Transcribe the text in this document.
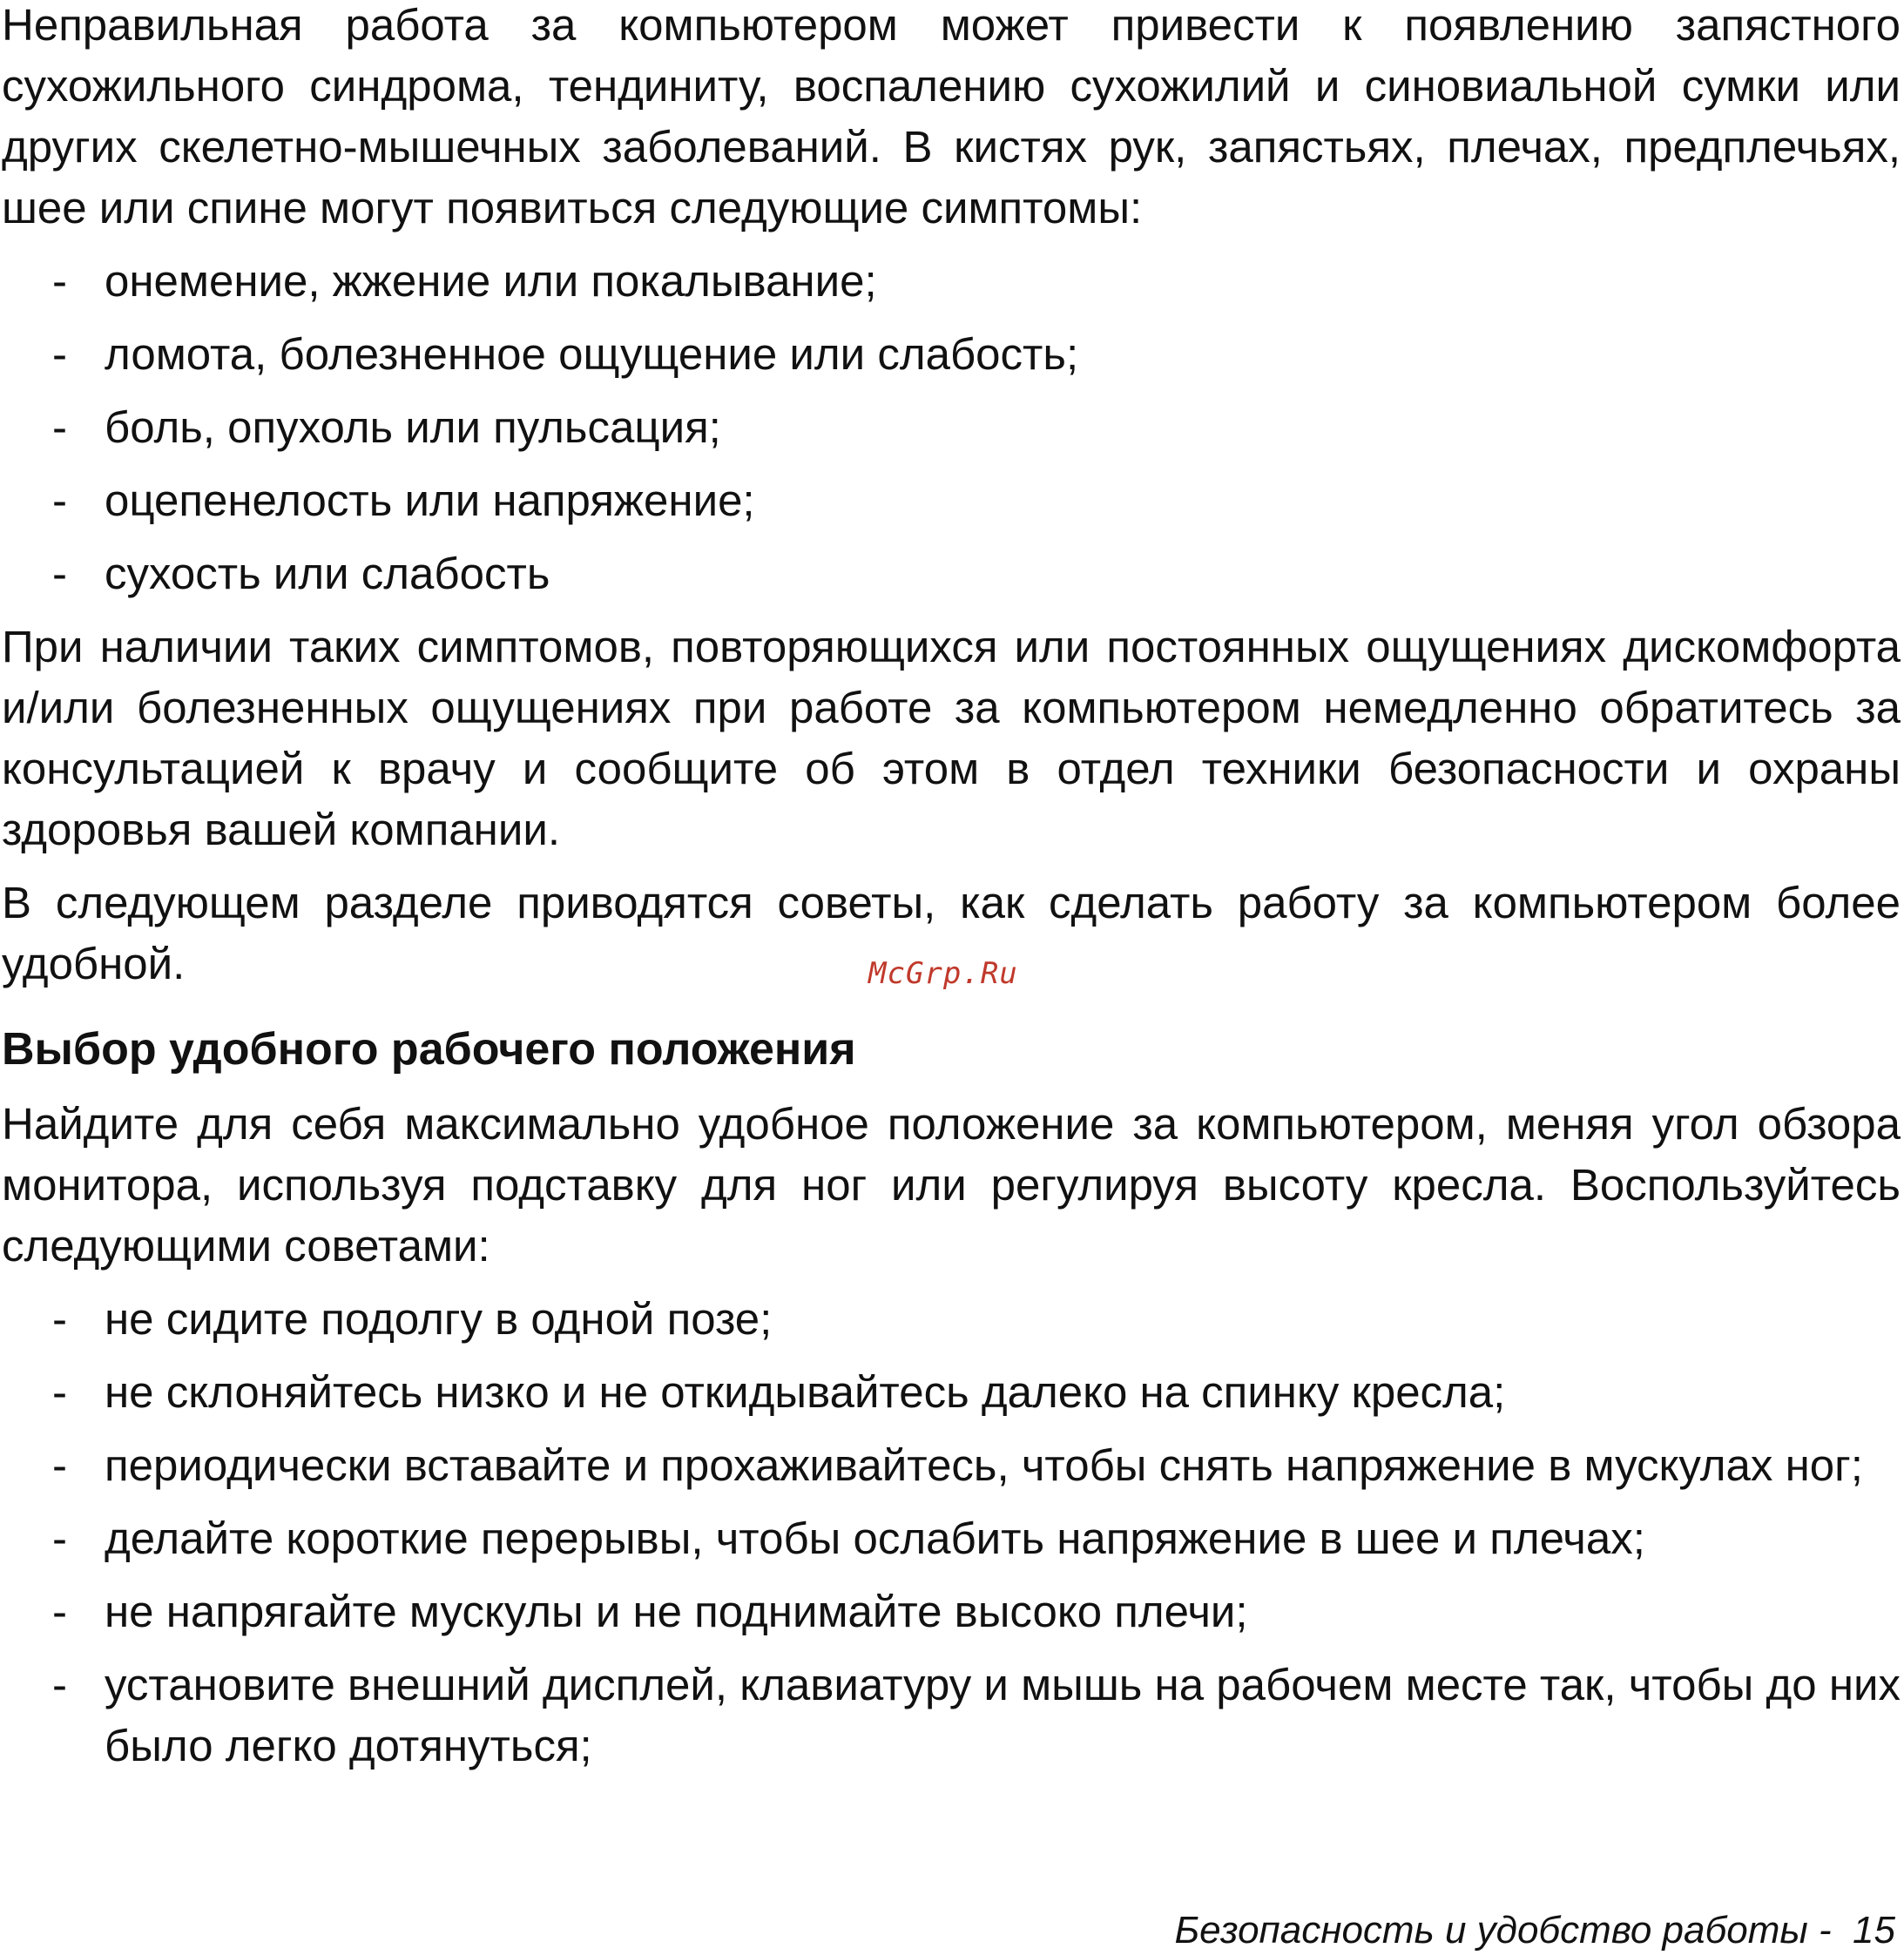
Неправильная работа за компьютером может привести к появлению запястного сухожильного синдрома, тендиниту, воспалению сухожилий и синовиальной сумки или других скелетно-мышечных заболеваний. В кистях рук, запястьях, плечах, предплечьях, шее или спине могут появиться следующие симптомы:

- онемение, жжение или покалывание;
- ломота, болезненное ощущение или слабость;
- боль, опухоль или пульсация;
- оцепенелость или напряжение;
- сухость или слабость

При наличии таких симптомов, повторяющихся или постоянных ощущениях дискомфорта и/или болезненных ощущениях при работе за компьютером немедленно обратитесь за консультацией к врачу и сообщите об этом в отдел техники безопасности и охраны здоровья вашей компании.

В следующем разделе приводятся советы, как сделать работу за компьютером более удобной.

Выбор удобного рабочего положения

Найдите для себя максимально удобное положение за компьютером, меняя угол обзора монитора, используя подставку для ног или регулируя высоту кресла. Воспользуйтесь следующими советами:

- не сидите подолгу в одной позе;
- не склоняйтесь низко и не откидывайтесь далеко на спинку кресла;
- периодически вставайте и прохаживайтесь, чтобы снять напряжение в мускулах ног;
- делайте короткие перерывы, чтобы ослабить напряжение в шее и плечах;
- не напрягайте мускулы и не поднимайте высоко плечи;
- установите внешний дисплей, клавиатуру и мышь на рабочем месте так, чтобы до них было легко дотянуться;
McGrp.Ru
Безопасность и удобство работы -  15
